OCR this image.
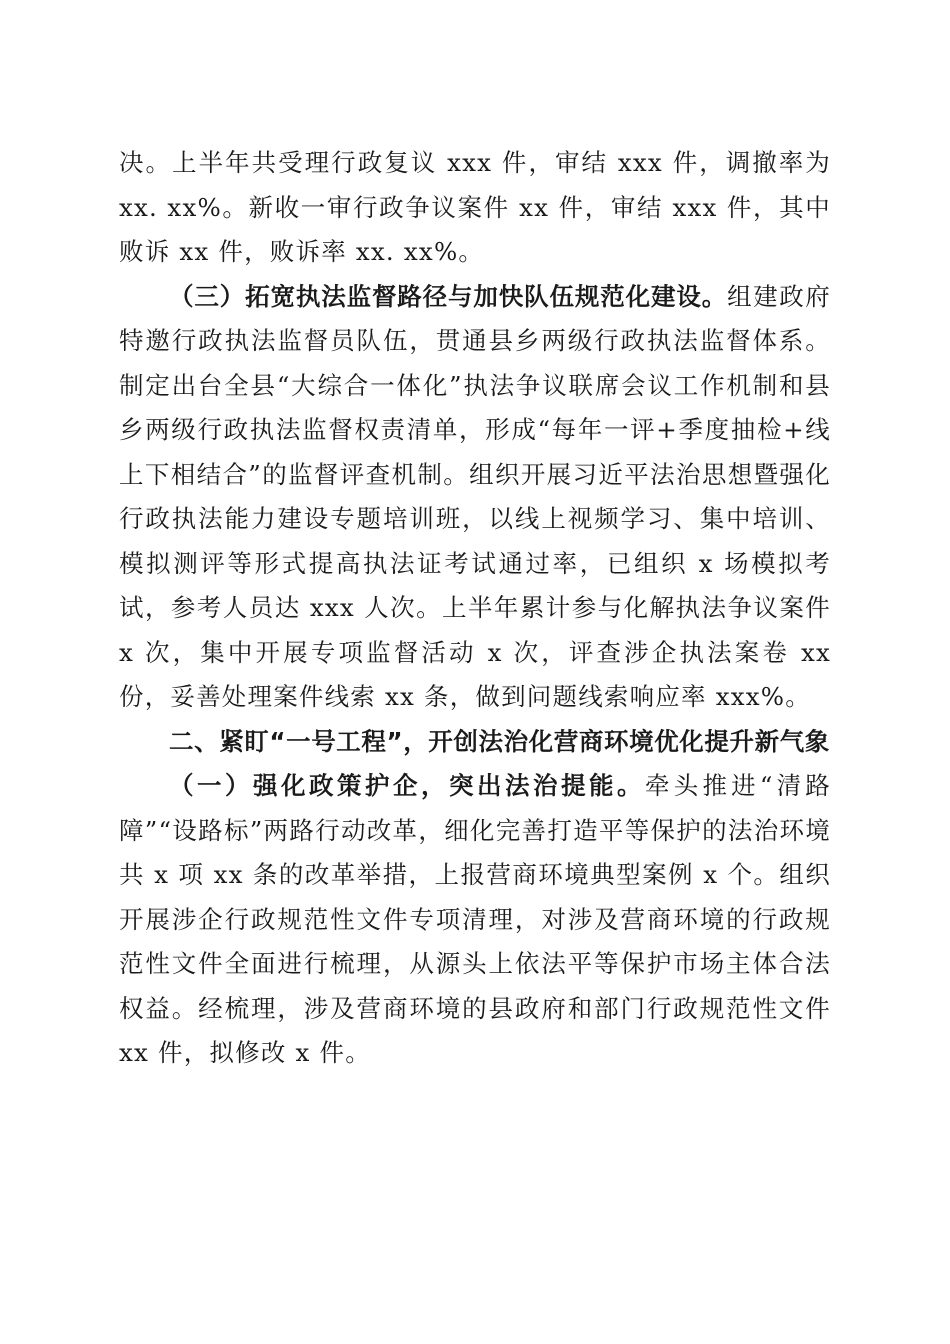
决。上半年共受理行政复议 xxx 件，审结 xxx 件，调撤率为 xx. xx%。新收一审行政争议案件 xx 件，审结 xxx 件，其中败诉 xx 件，败诉率 xx. xx%。

（三）拓宽执法监督路径与加快队伍规范化建设。组建政府特邀行政执法监督员队伍，贯通县乡两级行政执法监督体系。制定出台全县“大综合一体化”执法争议联席会议工作机制和县乡两级行政执法监督权责清单，形成“每年一评+季度抽检+线上下相结合”的监督评查机制。组织开展习近平法治思想暨强化行政执法能力建设专题培训班，以线上视频学习、集中培训、模拟测评等形式提高执法证考试通过率，已组织 x 场模拟考试，参考人员达 xxx 人次。上半年累计参与化解执法争议案件 x 次，集中开展专项监督活动 x 次，评查涉企执法案卷 xx 份，妥善处理案件线索 xx 条，做到问题线索响应率 xxx%。

二、紧盯“一号工程”，开创法治化营商环境优化提升新气象

（一）强化政策护企，突出法治提能。牵头推进“清路障”“设路标”两路行动改革，细化完善打造平等保护的法治环境共 x 项 xx 条的改革举措，上报营商环境典型案例 x 个。组织开展涉企行政规范性文件专项清理，对涉及营商环境的行政规范性文件全面进行梳理，从源头上依法平等保护市场主体合法权益。经梳理，涉及营商环境的县政府和部门行政规范性文件 xx 件，拟修改 x 件。
